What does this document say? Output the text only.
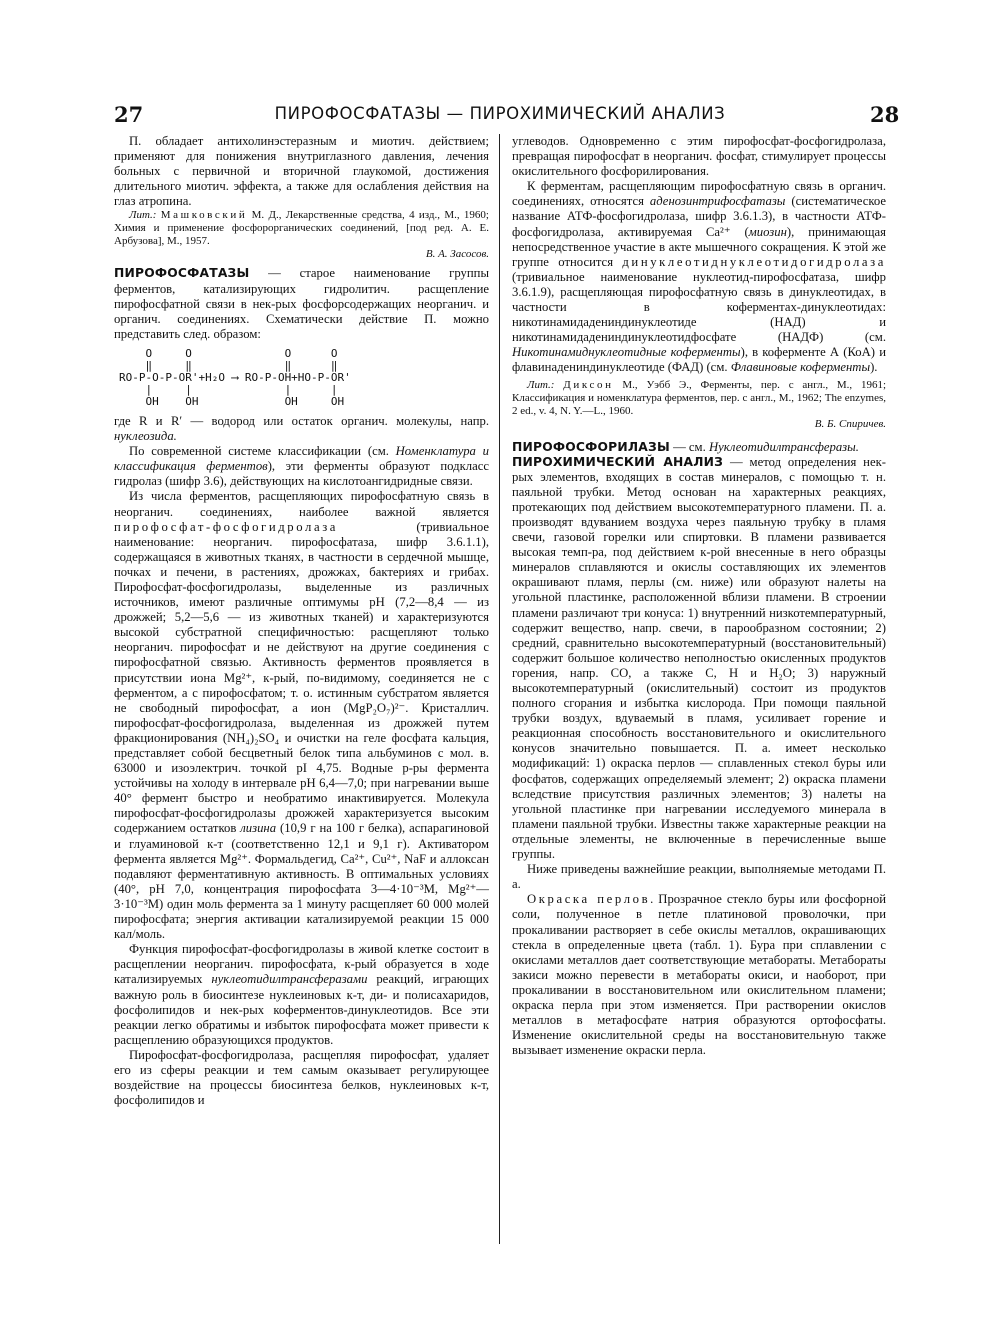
27	ПИРОФОСФАТАЗЫ — ПИРОХИМИЧЕСКИЙ АНАЛИЗ	28

П. обладает антихолинэстеразным и миотич. действием; применяют для понижения внутриглазного давления, лечения больных с первичной и вторичной глаукомой, достижения длительного миотич. эффекта, а также для ослабления действия на глаз атропина.

Лит.: Машковский М. Д., Лекарственные средства, 4 изд., М., 1960; Химия и применение фосфорорганических соединений, [под ред. А. Е. Арбузова], М., 1957.

В. А. Засосов.

ПИРОФОСФАТАЗЫ — старое наименование группы ферментов, катализирующих гидролитич. расщепление пирофосфатной связи в нек-рых фосфорсодержащих неорганич. и органич. соединениях. Схематически действие П. можно представить след. образом:

O     O              O      O
‖     ‖              ‖      ‖
RO-P-O-P-OR'+H₂O ⟶ RO-P-OH+HO-P-OR'
|     |              |      |
OH    OH             OH     OH

где R и R′ — водород или остаток органич. молекулы, напр. нуклеозида.

По современной системе классификации (см. Номенклатура и классификация ферментов), эти ферменты образуют подкласс гидролаз (шифр 3.6), действующих на кислотоангидридные связи.

Из числа ферментов, расщепляющих пирофосфатную связь в неорганич. соединениях, наиболее важной является пирофосфат-фосфогидролаза (тривиальное наименование: неорганич. пирофосфатаза, шифр 3.6.1.1), содержащаяся в животных тканях, в частности в сердечной мышце, почках и печени, в растениях, дрожжах, бактериях и грибах. Пирофосфат-фосфогидролазы, выделенные из различных источников, имеют различные оптимумы pH (7,2—8,4 — из дрожжей; 5,2—5,6 — из животных тканей) и характеризуются высокой субстратной специфичностью: расщепляют только неорганич. пирофосфат и не действуют на другие соединения с пирофосфатной связью. Активность ферментов проявляется в присутствии иона Mg²⁺, к-рый, по-видимому, соединяется не с ферментом, а с пирофосфатом; т. о. истинным субстратом является не свободный пирофосфат, а ион (MgP₂O₇)²⁻. Кристаллич. пирофосфат-фосфогидролаза, выделенная из дрожжей путем фракционирования (NH₄)₂SO₄ и очистки на геле фосфата кальция, представляет собой бесцветный белок типа альбуминов с мол. в. 63000 и изоэлектрич. точкой pI 4,75. Водные р-ры фермента устойчивы на холоду в интервале pH 6,4—7,0; при нагревании выше 40° фермент быстро и необратимо инактивируется. Молекула пирофосфат-фосфогидролазы дрожжей характеризуется высоким содержанием остатков лизина (10,9 г на 100 г белка), аспарагиновой и глуаминовой к-т (соответственно 12,1 и 9,1 г). Активатором фермента является Mg²⁺. Формальдегид, Ca²⁺, Cu²⁺, NaF и аллоксан подавляют ферментативную активность. В оптимальных условиях (40°, pH 7,0, концентрация пирофосфата 3—4·10⁻³M, Mg²⁺—3·10⁻³M) один моль фермента за 1 минуту расщепляет 60 000 молей пирофосфата; энергия активации катализируемой реакции 15 000 кал/моль.

Функция пирофосфат-фосфогидролазы в живой клетке состоит в расщеплении неорганич. пирофосфата, к-рый образуется в ходе катализируемых нуклеотидилтрансферазами реакций, играющих важную роль в биосинтезе нуклеиновых к-т, ди- и полисахаридов, фосфолипидов и нек-рых коферментов-динуклеотидов. Все эти реакции легко обратимы и избыток пирофосфата может привести к расщеплению образующихся продуктов.

Пирофосфат-фосфогидролаза, расщепляя пирофосфат, удаляет его из сферы реакции и тем самым оказывает регулирующее воздействие на процессы биосинтеза белков, нуклеиновых к-т, фосфолипидов и

углеводов. Одновременно с этим пирофосфат-фосфогидролаза, превращая пирофосфат в неорганич. фосфат, стимулирует процессы окислительного фосфорилирования.

К ферментам, расщепляющим пирофосфатную связь в органич. соединениях, относятся аденозинтрифосфатазы (систематическое название АТФ-фосфогидролаза, шифр 3.6.1.3), в частности АТФ-фосфогидролаза, активируемая Ca²⁺ (миозин), принимающая непосредственное участие в акте мышечного сокращения. К этой же группе относится динуклеотиднуклеотидогидролаза (тривиальное наименование нуклеотид-пирофосфатаза, шифр 3.6.1.9), расщепляющая пирофосфатную связь в динуклеотидах, в частности в коферментах-динуклеотидах: никотинамидадениндинуклеотиде (НАД) и никотинамидадениндинуклеотидфосфате (НАДФ) (см. Никотинамиднуклеотидные коферменты), в коферменте А (КоА) и флавинадениндинуклеотиде (ФАД) (см. Флавиновые коферменты).

Лит.: Диксон М., Уэбб Э., Ферменты, пер. с англ., М., 1961; Классификация и номенклатура ферментов, пер. с англ., М., 1962; The enzymes, 2 ed., v. 4, N. Y.—L., 1960.

В. Б. Спиричев.

ПИРОФОСФОРИЛАЗЫ — см. Нуклеотидилтрансферазы.

ПИРОХИМИЧЕСКИЙ АНАЛИЗ — метод определения нек-рых элементов, входящих в состав минералов, с помощью т. н. паяльной трубки. Метод основан на характерных реакциях, протекающих под действием высокотемпературного пламени. П. а. производят вдуванием воздуха через паяльную трубку в пламя свечи, газовой горелки или спиртовки. В пламени развивается высокая темп-ра, под действием к-рой внесенные в него образцы минералов сплавляются и окислы составляющих их элементов окрашивают пламя, перлы (см. ниже) или образуют налеты на угольной пластинке, расположенной вблизи пламени. В строении пламени различают три конуса: 1) внутренний низкотемпературный, содержит вещество, напр. свечи, в парообразном состоянии; 2) средний, сравнительно высокотемпературный (восстановительный) содержит большое количество неполностью окисленных продуктов горения, напр. CO, а также C, H и H₂O; 3) наружный высокотемпературный (окислительный) состоит из продуктов полного сгорания и избытка кислорода. При помощи паяльной трубки воздух, вдуваемый в пламя, усиливает горение и реакционная способность восстановительного и окислительного конусов значительно повышается. П. а. имеет несколько модификаций: 1) окраска перлов — сплавленных стекол буры или фосфатов, содержащих определяемый элемент; 2) окраска пламени вследствие присутствия различных элементов; 3) налеты на угольной пластинке при нагревании исследуемого минерала в пламени паяльной трубки. Известны также характерные реакции на отдельные элементы, не включенные в перечисленные выше группы.

Ниже приведены важнейшие реакции, выполняемые методами П. а.

Окраска перлов. Прозрачное стекло буры или фосфорной соли, полученное в петле платиновой проволочки, при прокаливании растворяет в себе окислы металлов, окрашивающих стекла в определенные цвета (табл. 1). Бура при сплавлении с окислами металлов дает соответствующие метабораты. Метабораты закиси можно перевести в метабораты окиси, и наоборот, при прокаливании в восстановительном или окислительном пламени; окраска перла при этом изменяется. При растворении окислов металлов в метафосфате натрия образуются ортофосфаты. Изменение окислительной среды на восстановительную также вызывает изменение окраски перла.
